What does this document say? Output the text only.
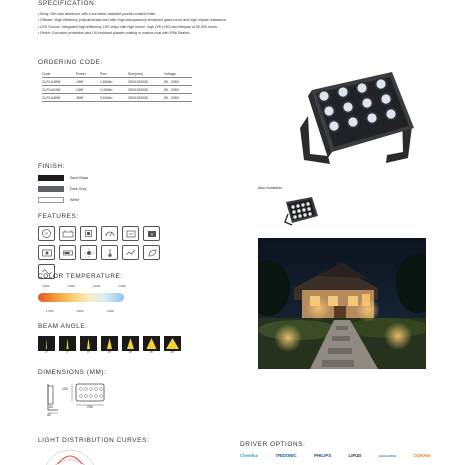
SPECIFICATION:
• Body: Die-cast aluminum with a corrosion-resistant powder-coated finish.
• Diffuser: High efficiency polycarbonate lens with High-transparency tempered glass cover and high impact resistance.
• LED Source: Integrated high-efficiency LED chips with high lumen, high CRI (>90) and lifespan of 50,000 hours.
• Finish: Corrosion protection and UV-resistant powder coating or marine coat with IP66 Sealed.
ORDERING CODE:
Code	Power	Flux	Size(mm)	Voltage
CLPLA18W	18W	1,800lm	250X153X50	85 - 265V
CLPLA24W	24W	2,400lm	250X153X50	85 - 265V
CLPLA36W	36W	3,600lm	250X153X50	85 - 265V
FINISH:
Sand Black
Dark Grey
White
Also Available:
FEATURES:
IP	A
COLOR TEMPERATURE:
2,000K	3,000K	4,000K	5,000K
2,700K	3,500K	4,500K
BEAM ANGLE:
3°	6°	8°	15°	30°	45°	60°
DIMENSIONS (MM):
153
250
50
90
LIGHT DISTRIBUTION CURVES:
DRIVER OPTIONS:
Clevelux	TRIDONIC	PHILIPS	LIFUD	EAGLERISE	OSRAM
